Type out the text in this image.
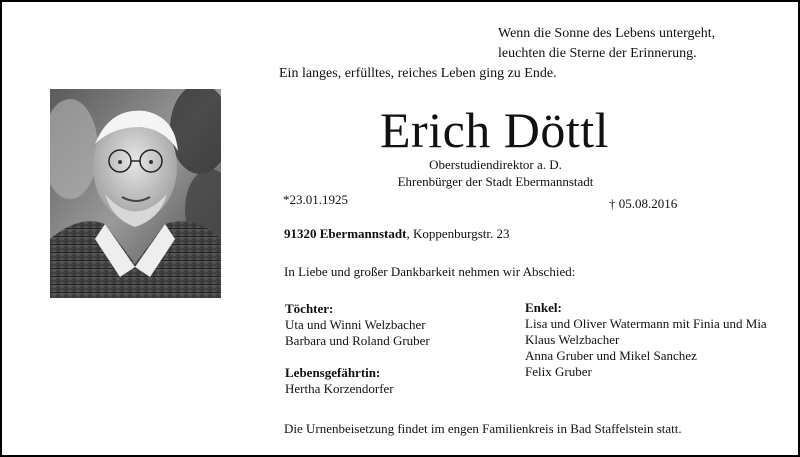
Wenn die Sonne des Lebens untergeht,
leuchten die Sterne der Erinnerung.
Ein langes, erfülltes, reiches Leben ging zu Ende.
Erich Döttl
Oberstudiendirektor a. D.
Ehrenbürger der Stadt Ebermannstadt
*23.01.1925	† 05.08.2016
91320 Ebermannstadt, Koppenburgstr. 23
In Liebe und großer Dankbarkeit nehmen wir Abschied:
Töchter:
Uta und Winni Welzbacher
Barbara und Roland Gruber
Lebensgefährtin:
Hertha Korzendorfer
Enkel:
Lisa und Oliver Watermann mit Finia und Mia
Klaus Welzbacher
Anna Gruber und Mikel Sanchez
Felix Gruber
Die Urnenbeisetzung findet im engen Familienkreis in Bad Staffelstein statt.
